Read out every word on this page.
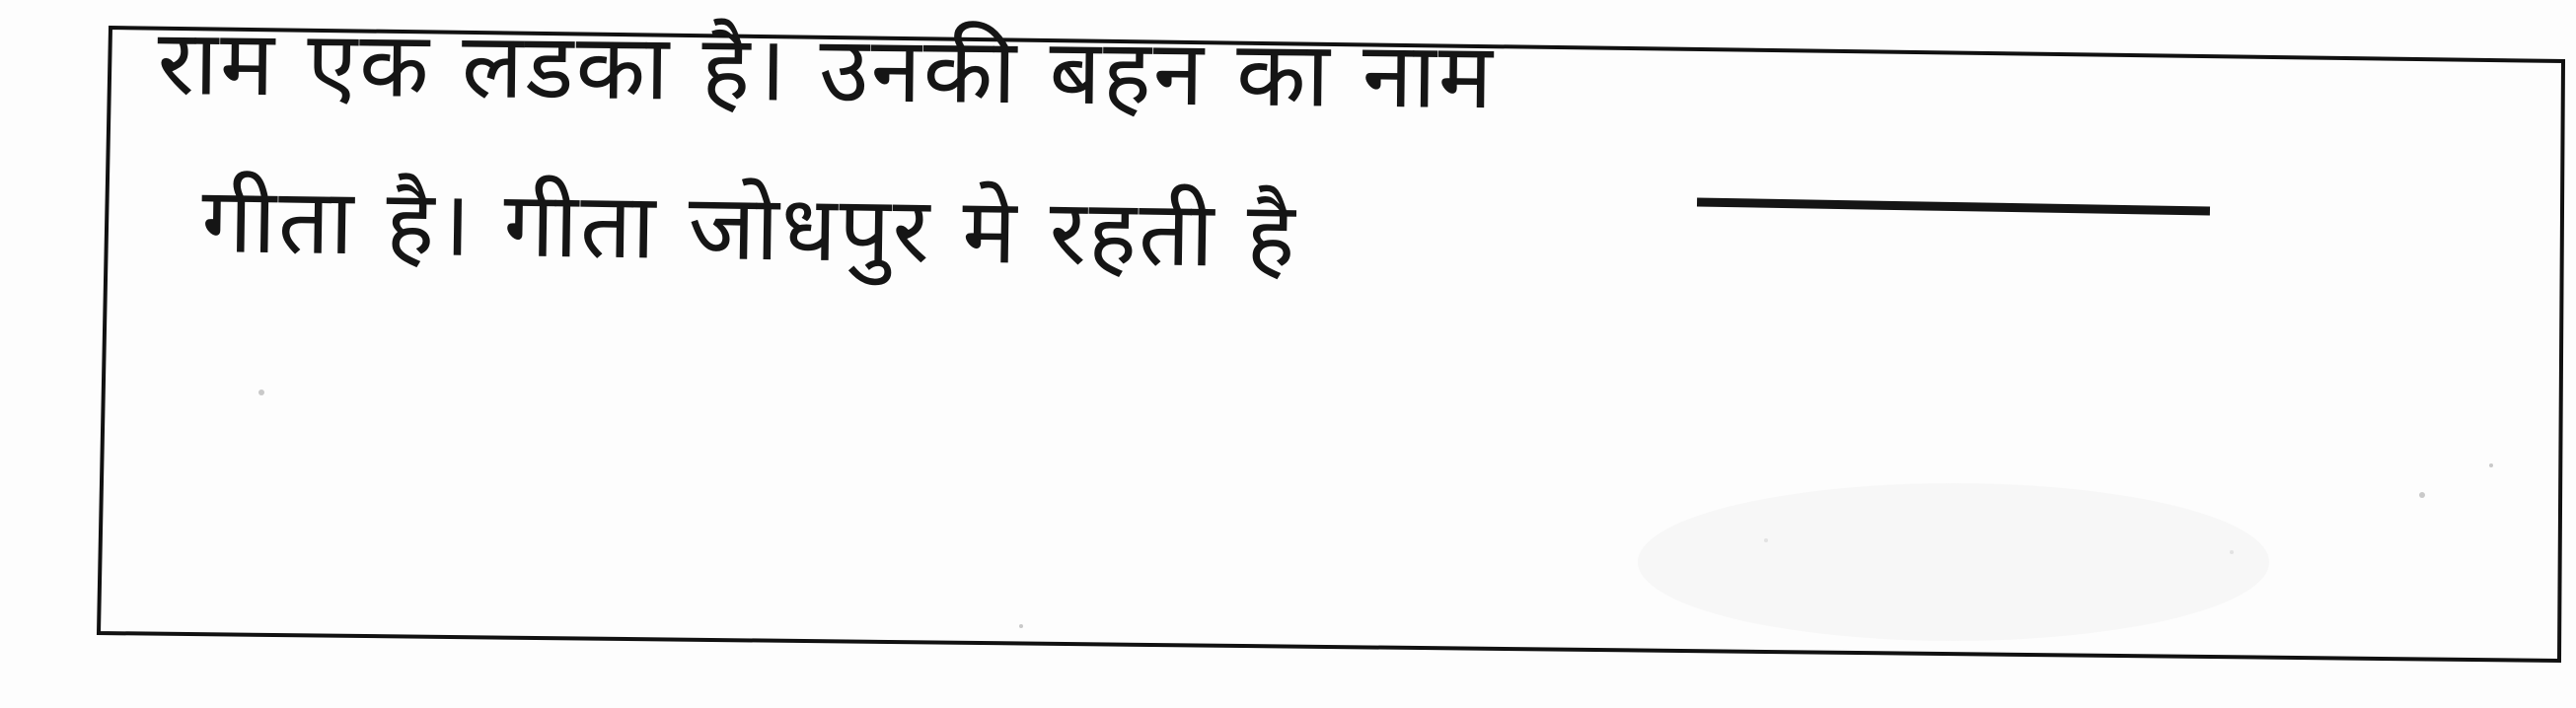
राम एक लडका है। उनकी बहन का नाम
गीता है। गीता जोधपुर मे रहती है
